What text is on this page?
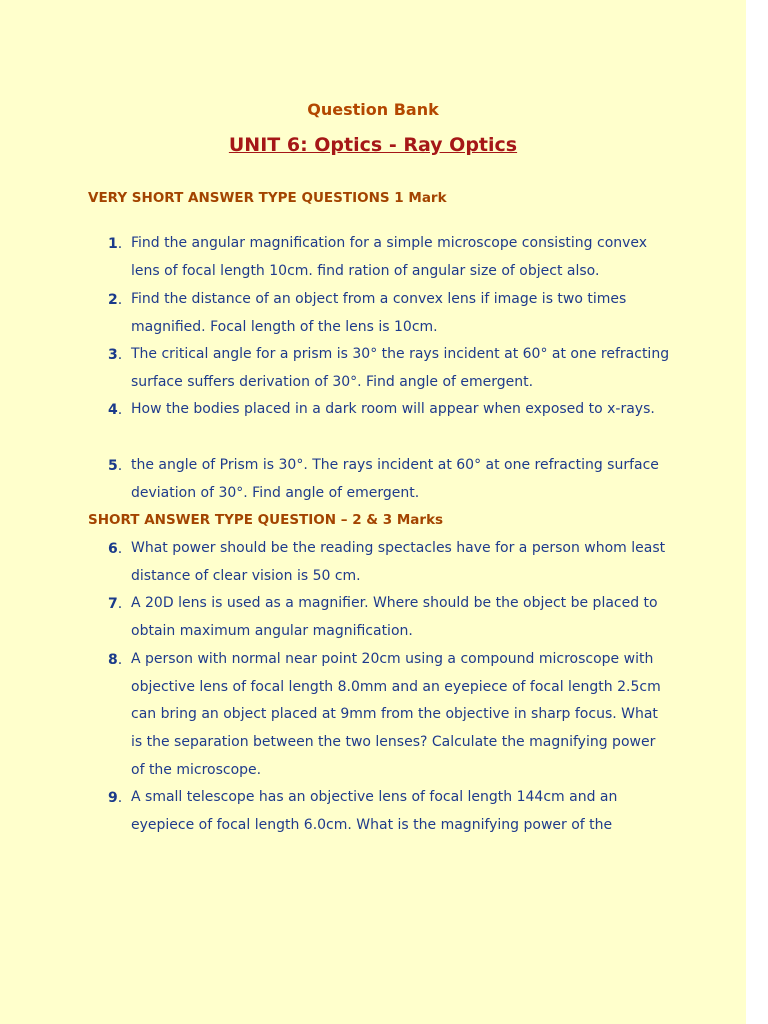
Question Bank
UNIT 6: Optics - Ray Optics
VERY SHORT ANSWER TYPE QUESTIONS 1 Mark
1. Find the angular magnification for a simple microscope consisting convex lens of focal length 10cm. find ration of angular size of object also.
2. Find the distance of an object from a convex lens if image is two times magnified. Focal length of the lens is 10cm.
3. The critical angle for a prism is 30° the rays incident at 60° at one refracting surface suffers derivation of 30°. Find angle of emergent.
4. How the bodies placed in a dark room will appear when exposed to x-rays.
5. the angle of Prism is 30°. The rays incident at 60° at one refracting surface deviation of 30°. Find angle of emergent.
SHORT ANSWER TYPE QUESTION – 2 & 3 Marks
6. What power should be the reading spectacles have for a person whom least distance of clear vision is 50 cm.
7. A 20D lens is used as a magnifier. Where should be the object be placed to obtain maximum angular magnification.
8. A person with normal near point 20cm using a compound microscope with objective lens of focal length 8.0mm and an eyepiece of focal length 2.5cm can bring an object placed at 9mm from the objective in sharp focus. What is the separation between the two lenses? Calculate the magnifying power of the microscope.
9. A small telescope has an objective lens of focal length 144cm and an eyepiece of focal length 6.0cm. What is the magnifying power of the
